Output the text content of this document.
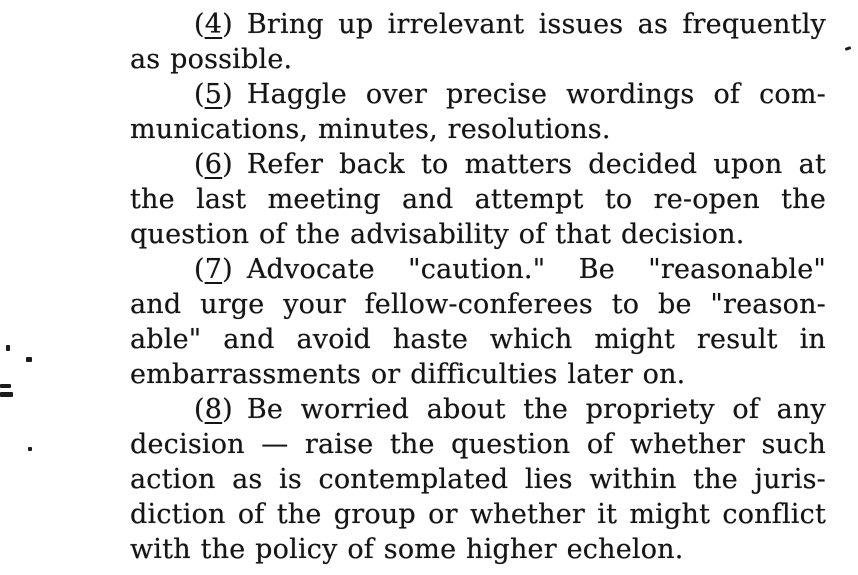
(4) Bring up irrelevant issues as frequently
as possible.
(5) Haggle over precise wordings of com-
munications, minutes, resolutions.
(6) Refer back to matters decided upon at
the last meeting and attempt to re-open the
question of the advisability of that decision.
(7) Advocate "caution." Be "reasonable"
and urge your fellow-conferees to be "reason-
able" and avoid haste which might result in
embarrassments or difficulties later on.
(8) Be worried about the propriety of any
decision — raise the question of whether such
action as is contemplated lies within the juris-
diction of the group or whether it might conflict
with the policy of some higher echelon.
